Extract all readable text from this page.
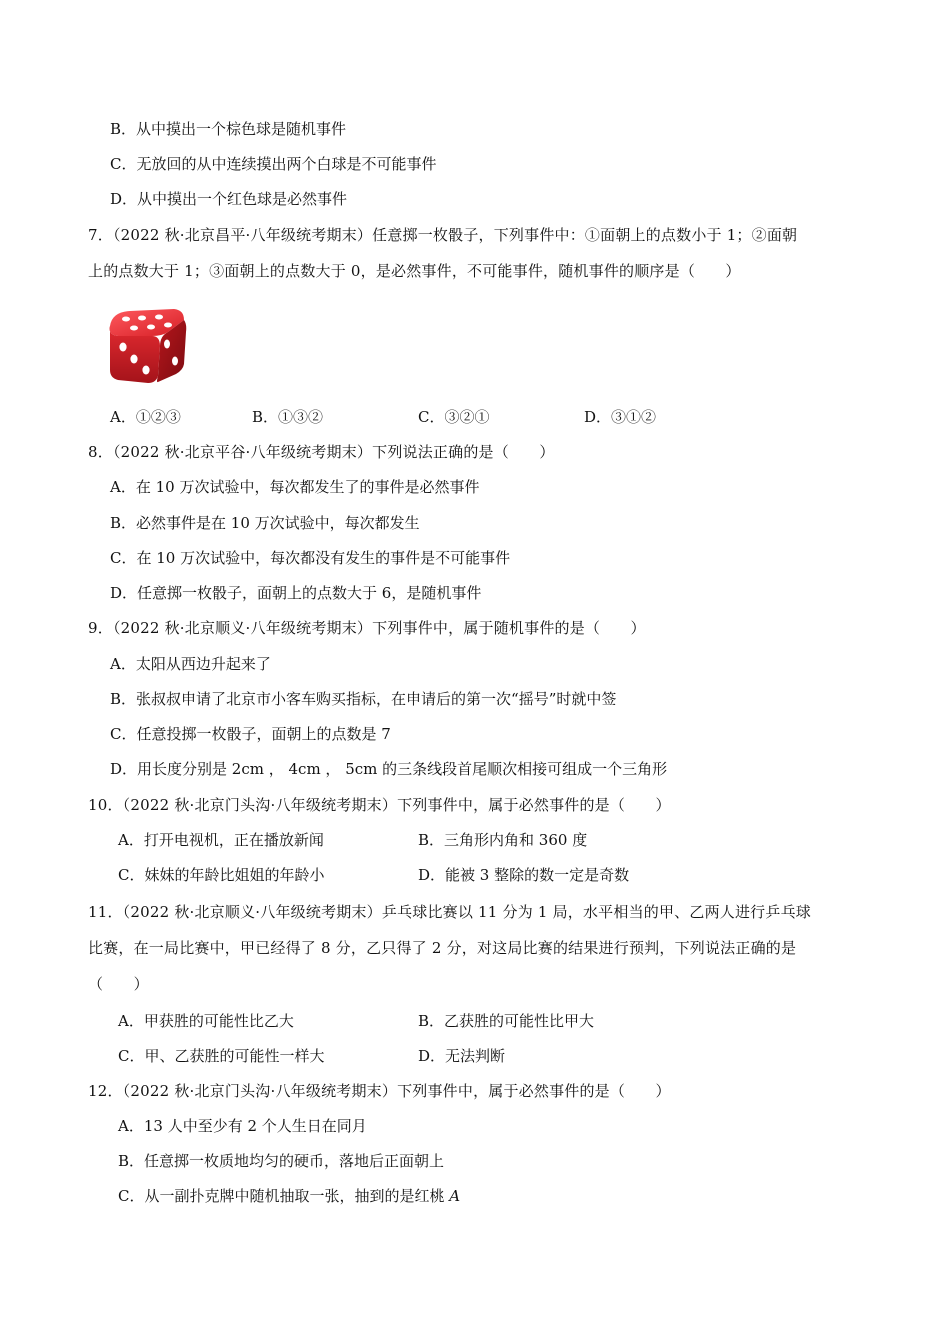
B．从中摸出一个棕色球是随机事件
C．无放回的从中连续摸出两个白球是不可能事件
D．从中摸出一个红色球是必然事件
7．（2022 秋·北京昌平·八年级统考期末）任意掷一枚骰子，下列事件中：①面朝上的点数小于 1；②面朝
上的点数大于 1；③面朝上的点数大于 0，是必然事件，不可能事件，随机事件的顺序是（　　）
A．①②③	B．①③②	C．③②①	D．③①②
8．（2022 秋·北京平谷·八年级统考期末）下列说法正确的是（　　）
A．在 10 万次试验中，每次都发生了的事件是必然事件
B．必然事件是在 10 万次试验中，每次都发生
C．在 10 万次试验中，每次都没有发生的事件是不可能事件
D．任意掷一枚骰子，面朝上的点数大于 6，是随机事件
9．（2022 秋·北京顺义·八年级统考期末）下列事件中，属于随机事件的是（　　）
A．太阳从西边升起来了
B．张叔叔申请了北京市小客车购买指标，在申请后的第一次“摇号”时就中签
C．任意投掷一枚骰子，面朝上的点数是 7
D．用长度分别是 2cm ， 4cm ， 5cm 的三条线段首尾顺次相接可组成一个三角形
10．（2022 秋·北京门头沟·八年级统考期末）下列事件中，属于必然事件的是（　　）
A．打开电视机，正在播放新闻	B．三角形内角和 360 度
C．妹妹的年龄比姐姐的年龄小	D．能被 3 整除的数一定是奇数
11．（2022 秋·北京顺义·八年级统考期末）乒乓球比赛以 11 分为 1 局，水平相当的甲、乙两人进行乒乓球
比赛，在一局比赛中，甲已经得了 8 分，乙只得了 2 分，对这局比赛的结果进行预判，下列说法正确的是
（　　）
A．甲获胜的可能性比乙大	B．乙获胜的可能性比甲大
C．甲、乙获胜的可能性一样大	D．无法判断
12．（2022 秋·北京门头沟·八年级统考期末）下列事件中，属于必然事件的是（　　）
A．13 人中至少有 2 个人生日在同月
B．任意掷一枚质地均匀的硬币，落地后正面朝上
C．从一副扑克牌中随机抽取一张，抽到的是红桃 A
